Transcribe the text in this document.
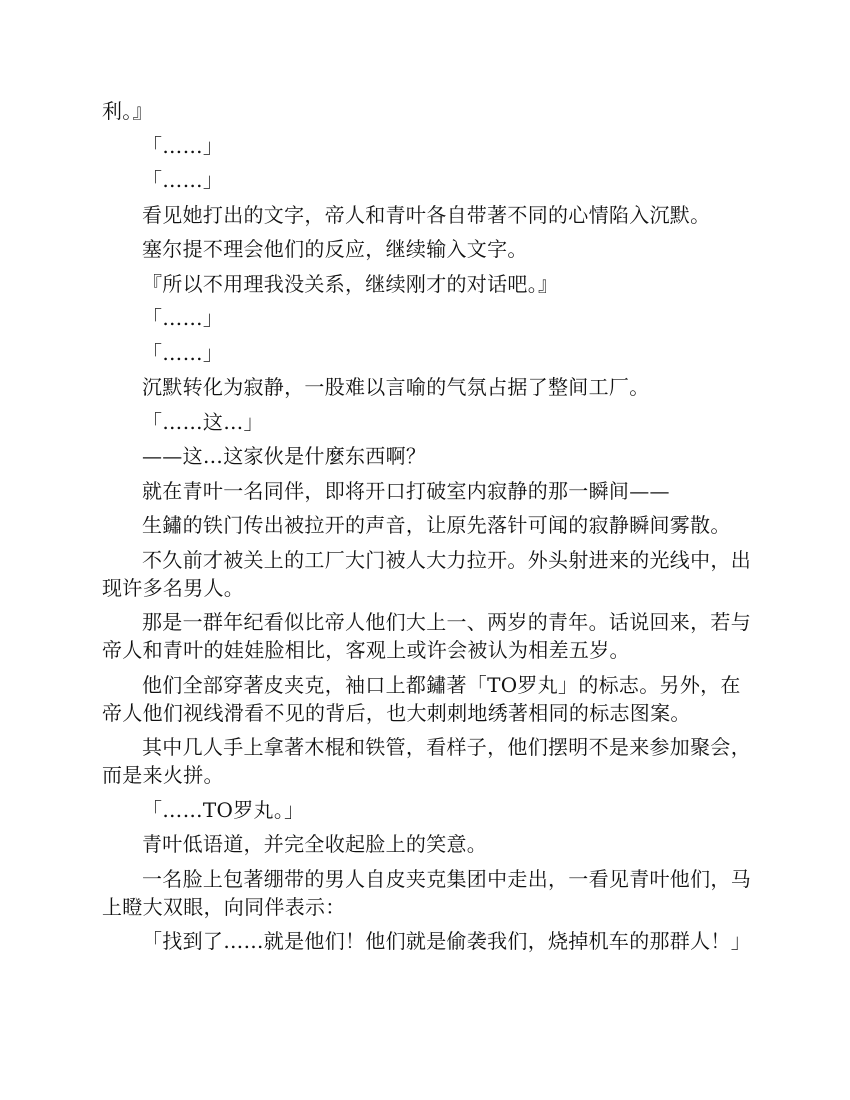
利。』

「……」

「……」

看见她打出的文字，帝人和青叶各自带著不同的心情陷入沉默。

塞尔提不理会他们的反应，继续输入文字。

『所以不用理我没关系，继续刚才的对话吧。』

「……」

「……」

沉默转化为寂静，一股难以言喻的气氛占据了整间工厂。

「……这…」

——这…这家伙是什麼东西啊？

就在青叶一名同伴，即将开口打破室内寂静的那一瞬间——

生鏽的铁门传出被拉开的声音，让原先落针可闻的寂静瞬间雾散。

不久前才被关上的工厂大门被人大力拉开。外头射进来的光线中，出现许多名男人。

那是一群年纪看似比帝人他们大上一、两岁的青年。话说回来，若与帝人和青叶的娃娃脸相比，客观上或许会被认为相差五岁。

他们全部穿著皮夹克，袖口上都鏽著「TO罗丸」的标志。另外，在帝人他们视线滑看不见的背后，也大刺刺地绣著相同的标志图案。

其中几人手上拿著木棍和铁管，看样子，他们摆明不是来参加聚会，而是来火拼。

「……TO罗丸。」

青叶低语道，并完全收起脸上的笑意。

一名脸上包著绷带的男人自皮夹克集团中走出，一看见青叶他们，马上瞪大双眼，向同伴表示：

「找到了……就是他们！他们就是偷袭我们，烧掉机车的那群人！」
